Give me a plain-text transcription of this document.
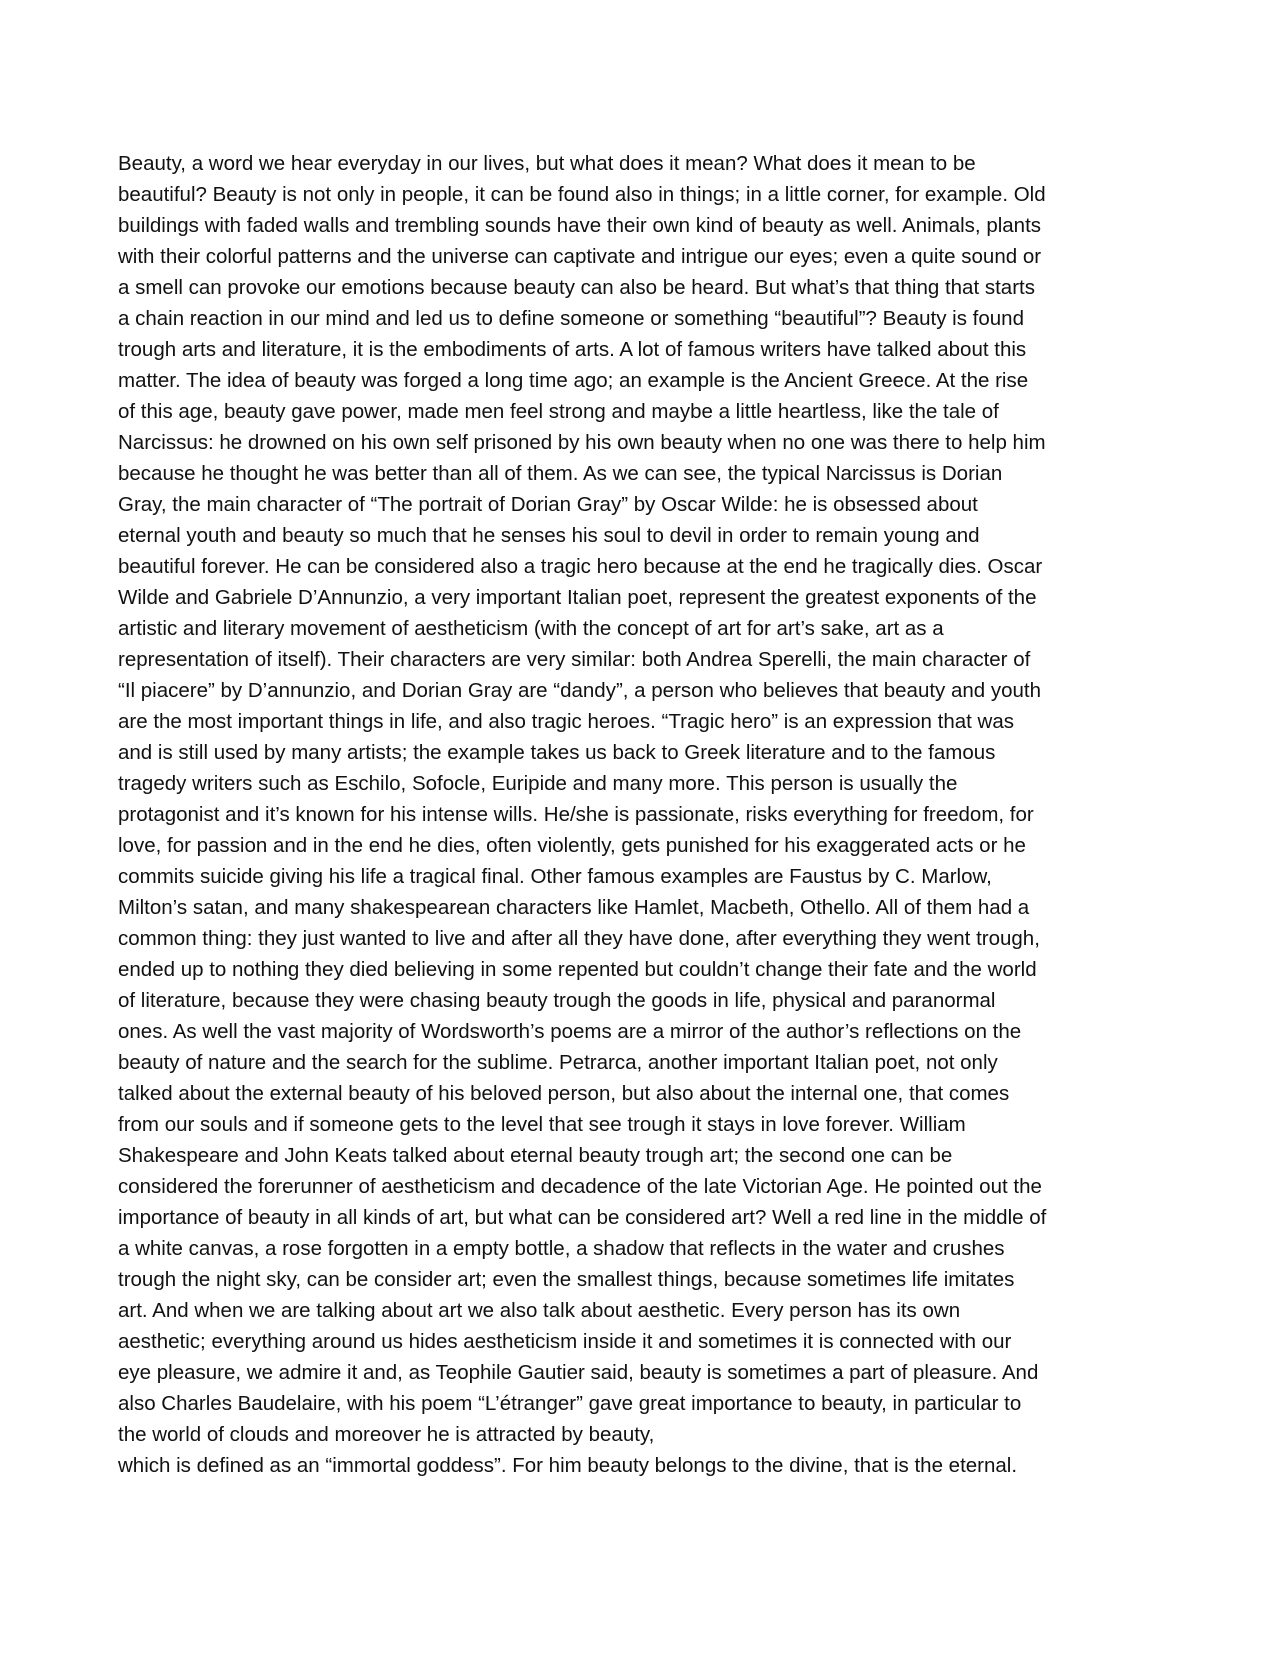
Beauty, a word we hear everyday in our lives, but what does it mean? What does it mean to be
beautiful? Beauty is not only in people, it can be found also in things; in a little corner, for example. Old
buildings with faded walls and trembling sounds have their own kind of beauty as well. Animals, plants
with their colorful patterns and the universe can captivate and intrigue our eyes; even a quite sound or
a smell can provoke our emotions because beauty can also be heard. But what’s that thing that starts
a chain reaction in our mind and led us to define someone or something “beautiful”? Beauty is found
trough arts and literature, it is the embodiments of arts. A lot of famous writers have talked about this
matter. The idea of beauty was forged a long time ago; an example is the Ancient Greece. At the rise
of this age, beauty gave power, made men feel strong and maybe a little heartless, like the tale of
Narcissus: he drowned on his own self prisoned by his own beauty when no one was there to help him
because he thought he was better than all of them. As we can see, the typical Narcissus is Dorian
Gray, the main character of “The portrait of Dorian Gray” by Oscar Wilde: he is obsessed about
eternal youth and beauty so much that he senses his soul to devil in order to remain young and
beautiful forever. He can be considered also a tragic hero because at the end he tragically dies. Oscar
Wilde and Gabriele D’Annunzio, a very important Italian poet, represent the greatest exponents of the
artistic and literary movement of aestheticism (with the concept of art for art’s sake, art as a
representation of itself). Their characters are very similar: both Andrea Sperelli, the main character of
“Il piacere” by D’annunzio, and Dorian Gray are “dandy”, a person who believes that beauty and youth
are the most important things in life, and also tragic heroes. “Tragic hero” is an expression that was
and is still used by many artists; the example takes us back to Greek literature and to the famous
tragedy writers such as Eschilo, Sofocle, Euripide and many more. This person is usually the
protagonist and it’s known for his intense wills. He/she is passionate, risks everything for freedom, for
love, for passion and in the end he dies, often violently, gets punished for his exaggerated acts or he
commits suicide giving his life a tragical final. Other famous examples are Faustus by C. Marlow,
Milton’s satan, and many shakespearean characters like Hamlet, Macbeth, Othello. All of them had a
common thing: they just wanted to live and after all they have done, after everything they went trough,
ended up to nothing they died believing in some repented but couldn’t change their fate and the world
of literature, because they were chasing beauty trough the goods in life, physical and paranormal
ones. As well the vast majority of Wordsworth’s poems are a mirror of the author’s reflections on the
beauty of nature and the search for the sublime. Petrarca, another important Italian poet, not only
talked about the external beauty of his beloved person, but also about the internal one, that comes
from our souls and if someone gets to the level that see trough it stays in love forever. William
Shakespeare and John Keats talked about eternal beauty trough art; the second one can be
considered the forerunner of aestheticism and decadence of the late Victorian Age. He pointed out the
importance of beauty in all kinds of art, but what can be considered art? Well a red line in the middle of
a white canvas, a rose forgotten in a empty bottle, a shadow that reflects in the water and crushes
trough the night sky, can be consider art; even the smallest things, because sometimes life imitates
art. And when we are talking about art we also talk about aesthetic. Every person has its own
aesthetic; everything around us hides aestheticism inside it and sometimes it is connected with our
eye pleasure, we admire it and, as Teophile Gautier said, beauty is sometimes a part of pleasure. And
also Charles Baudelaire, with his poem “L’étranger” gave great importance to beauty, in particular to
the world of clouds and moreover he is attracted by beauty,
which is defined as an “immortal goddess”. For him beauty belongs to the divine, that is the eternal.
